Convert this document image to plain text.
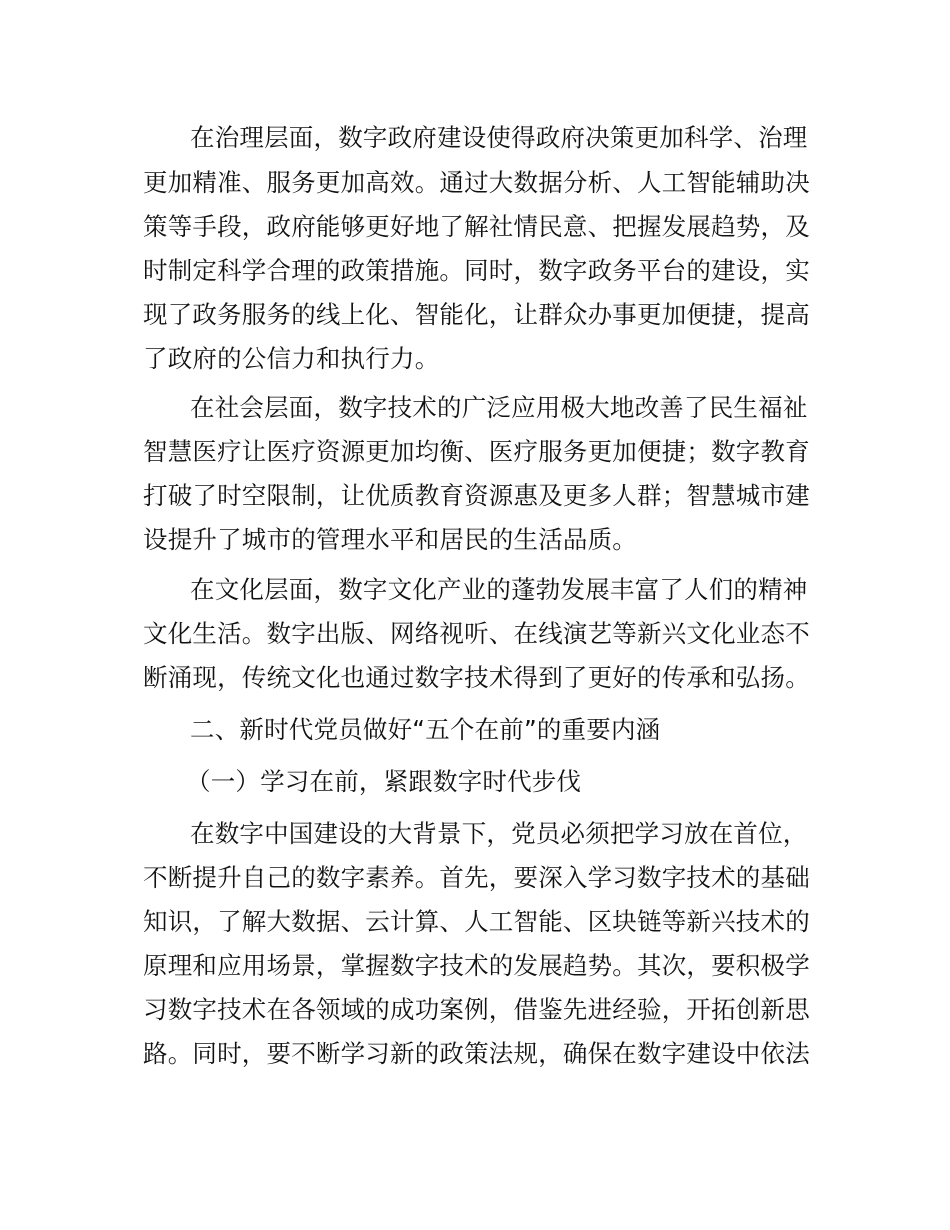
在治理层面，数字政府建设使得政府决策更加科学、治理
更加精准、服务更加高效。通过大数据分析、人工智能辅助决
策等手段，政府能够更好地了解社情民意、把握发展趋势，及
时制定科学合理的政策措施。同时，数字政务平台的建设，实
现了政务服务的线上化、智能化，让群众办事更加便捷，提高
了政府的公信力和执行力。
在社会层面，数字技术的广泛应用极大地改善了民生福祉
智慧医疗让医疗资源更加均衡、医疗服务更加便捷；数字教育
打破了时空限制，让优质教育资源惠及更多人群；智慧城市建
设提升了城市的管理水平和居民的生活品质。
在文化层面，数字文化产业的蓬勃发展丰富了人们的精神
文化生活。数字出版、网络视听、在线演艺等新兴文化业态不
断涌现，传统文化也通过数字技术得到了更好的传承和弘扬。
二、新时代党员做好“五个在前”的重要内涵
（一）学习在前，紧跟数字时代步伐
在数字中国建设的大背景下，党员必须把学习放在首位，
不断提升自己的数字素养。首先，要深入学习数字技术的基础
知识，了解大数据、云计算、人工智能、区块链等新兴技术的
原理和应用场景，掌握数字技术的发展趋势。其次，要积极学
习数字技术在各领域的成功案例，借鉴先进经验，开拓创新思
路。同时，要不断学习新的政策法规，确保在数字建设中依法
